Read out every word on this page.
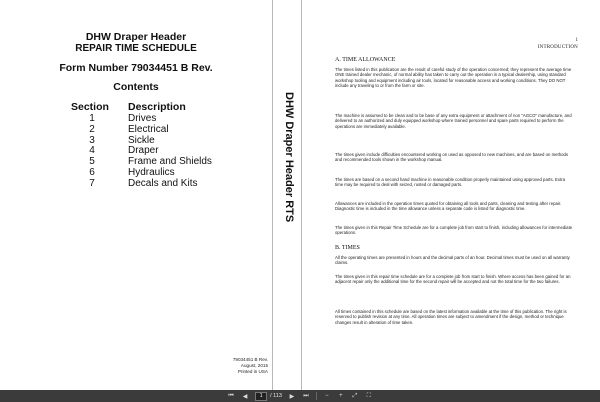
DHW Draper Header
REPAIR TIME SCHEDULE
Form Number 79034451 B Rev.
Contents
Section Description
1	Drives
2	Electrical
3	Sickle
4	Draper
5	Frame and Shields
6	Hydraulics
7	Decals and Kits
79034451 B Rev.
August, 2015
Printed in USA
DHW Draper Header RTS
1
INTRODUCTION
A. TIME ALLOWANCE

The times listed in this publication are the result of careful study of the operation concerned; they represent the average time ONE trained dealer mechanic, of normal ability has taken to carry out the operation in a typical dealership, using standard workshop tooling and equipment including air tools, located for reasonable access and working conditions. They DO NOT include any traveling to or from the farm or site.

The machine is assumed to be clean and to be base of any extra equipment or attachment of non "AGCO" manufacture, and delivered to an authorized and duly equipped workshop where trained personnel and spare parts required to perform the operations are immediately available.

The times given include difficulties encountered working on used as opposed to new machines, and are based on methods and recommended tools shown in the workshop manual.

The times are based on a second hand machine in reasonable condition properly maintained using approved parts. Extra time may be required to deal with seized, rusted or damaged parts.

Allowances are included in the operation times quoted for obtaining all tools and parts, cleaning and testing after repair. Diagnostic time is included in the time allowance unless a separate code is listed for diagnostic time.

The times given in this Repair Time Schedule are for a complete job from start to finish, including allowances for intermediate operations.

B. TIMES

All the operating times are presented in hours and the decimal parts of an hour. Decimal times must be used on all warranty claims.

The times given in this repair time schedule are for a complete job from start to finish. Where access has been gained for an adjacent repair only the additional time for the second repair will be accepted and not the total time for the two failures.

All times contained in this schedule are based on the latest information available at the time of this publication. The right is reserved to publish revision at any time. All operation times are subject to amendment if the design, method or technique changes result in alteration of time taken.

⏮ ◀	1	/ 113 ▶ ⏭	−	+	⤢	⛶
